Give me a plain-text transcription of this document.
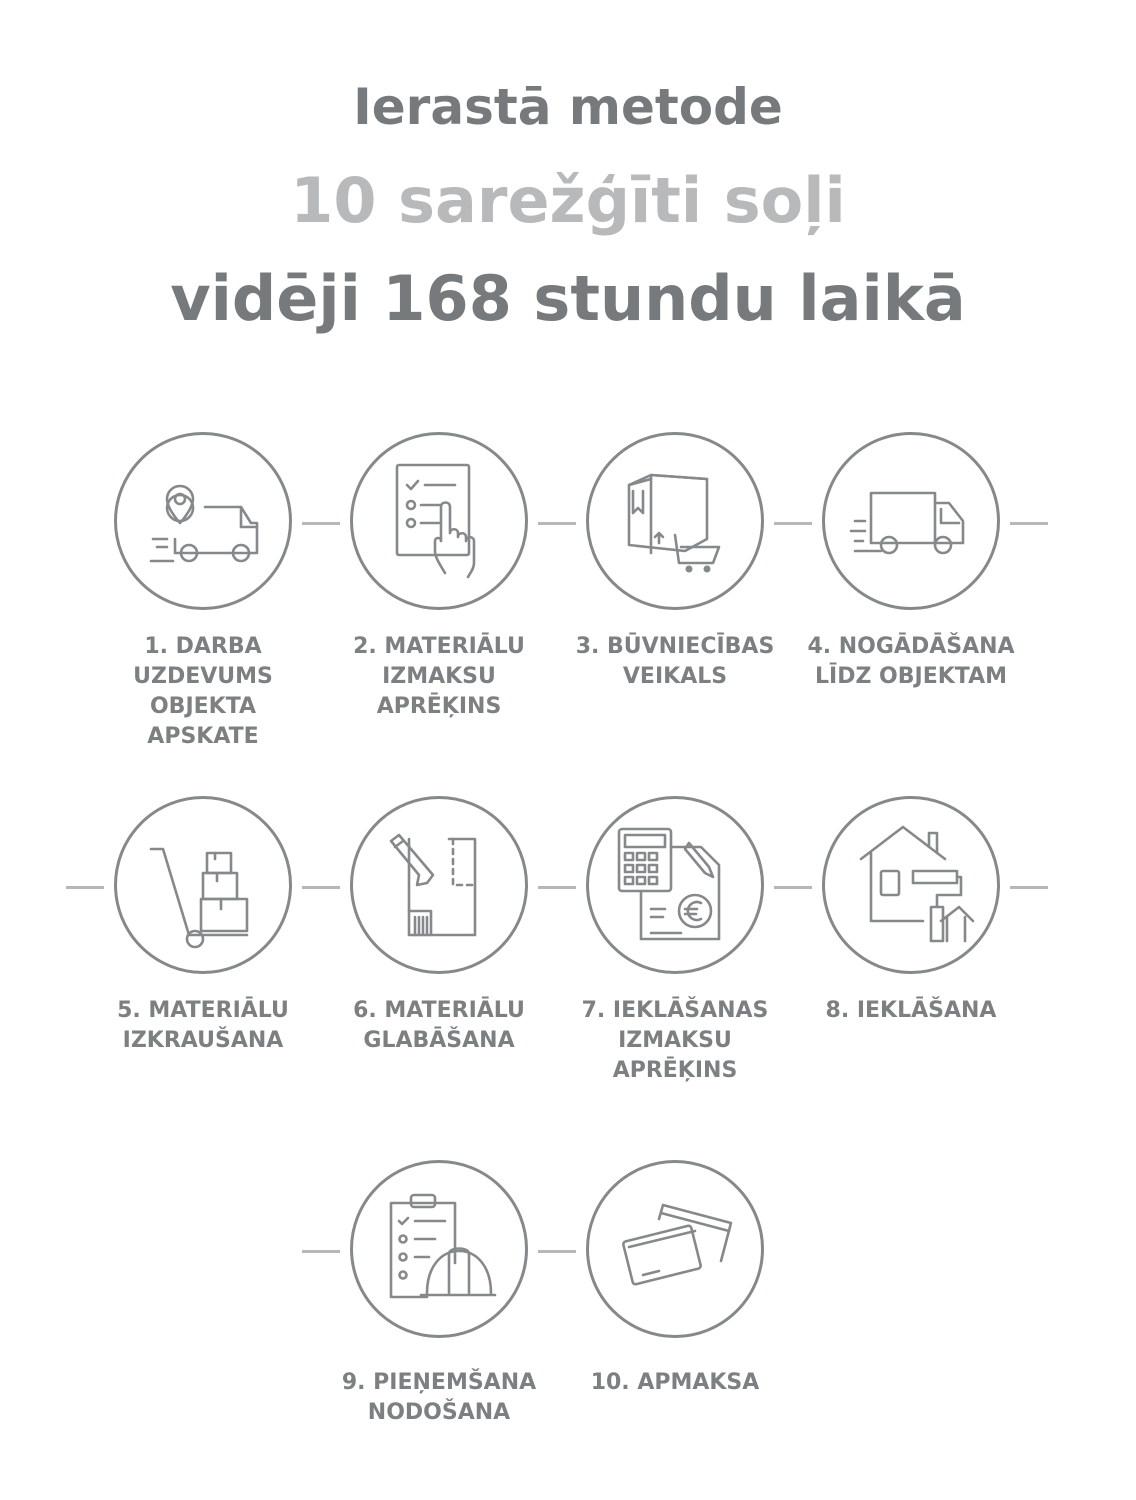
Ierastā metode
10 sarežģīti soļi
vidēji 168 stundu laikā
1. DARBA
UZDEVUMS
OBJEKTA
APSKATE
2. MATERIĀLU
IZMAKSU
APRĒĶINS
3. BŪVNIECĪBAS
VEIKALS
4. NOGĀDĀŠANA
LĪDZ OBJEKTAM
5. MATERIĀLU
IZKRAUŠANA
6. MATERIĀLU
GLABĀŠANA
7. IEKLĀŠANAS
IZMAKSU
APRĒĶINS
8. IEKLĀŠANA
9. PIEŅEMŠANA
NODOŠANA
10. APMAKSA
